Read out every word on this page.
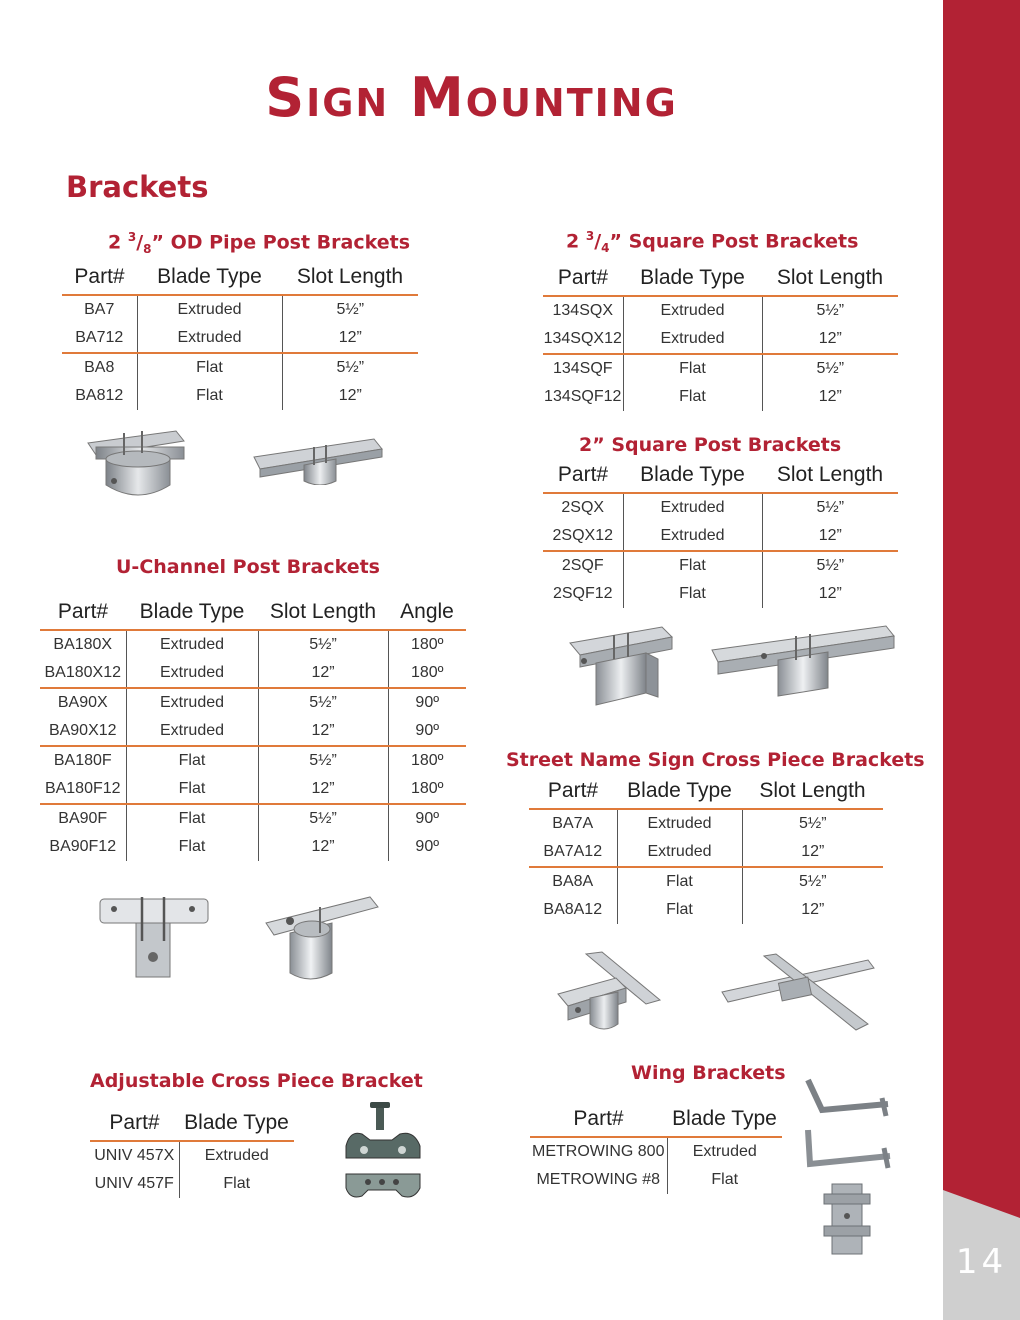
14
Sign Mounting
Brackets
2 $^3/_8$” OD Pipe Post Brackets
Part#	Blade Type	Slot Length
BA7	Extruded	5½”
BA712	Extruded	12”
BA8	Flat	5½”
BA812	Flat	12”
2 $^3/_4$” Square Post Brackets
Part#	Blade Type	Slot Length
134SQX	Extruded	5½”
134SQX12	Extruded	12”
134SQF	Flat	5½”
134SQF12	Flat	12”
2” Square Post Brackets
Part#	Blade Type	Slot Length
2SQX	Extruded	5½”
2SQX12	Extruded	12”
2SQF	Flat	5½”
2SQF12	Flat	12”
U-Channel Post Brackets
Part#	Blade Type	Slot Length	Angle
BA180X	Extruded	5½”	180º
BA180X12	Extruded	12”	180º
BA90X	Extruded	5½”	90º
BA90X12	Extruded	12”	90º
BA180F	Flat	5½”	180º
BA180F12	Flat	12”	180º
BA90F	Flat	5½”	90º
BA90F12	Flat	12”	90º
Street Name Sign Cross Piece Brackets
Part#	Blade Type	Slot Length
BA7A	Extruded	5½”
BA7A12	Extruded	12”
BA8A	Flat	5½”
BA8A12	Flat	12”
Adjustable Cross Piece Bracket
Part#	Blade Type
UNIV 457X	Extruded
UNIV 457F	Flat
Wing Brackets
Part#	Blade Type
METROWING 800	Extruded
METROWING #8	Flat
